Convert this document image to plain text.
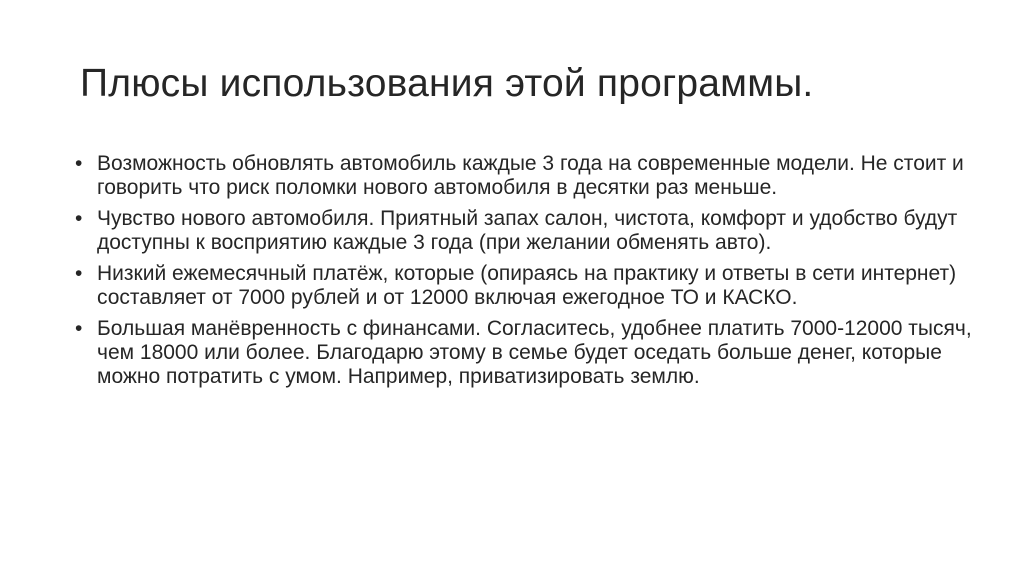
Плюсы использования этой программы.
• Возможность обновлять автомобиль каждые 3 года на современные модели. Не стоит и говорить что риск поломки нового автомобиля в десятки раз меньше.
• Чувство нового автомобиля. Приятный запах салон, чистота, комфорт и удобство будут доступны к восприятию каждые 3 года (при желании обменять авто).
• Низкий ежемесячный платёж, которые (опираясь на практику и ответы в сети интернет) составляет от 7000 рублей и от 12000 включая ежегодное ТО и КАСКО.
• Большая манёвренность с финансами. Согласитесь, удобнее платить 7000-12000 тысяч, чем 18000 или более. Благодарю этому в семье будет оседать больше денег, которые можно потратить с умом. Например, приватизировать землю.
